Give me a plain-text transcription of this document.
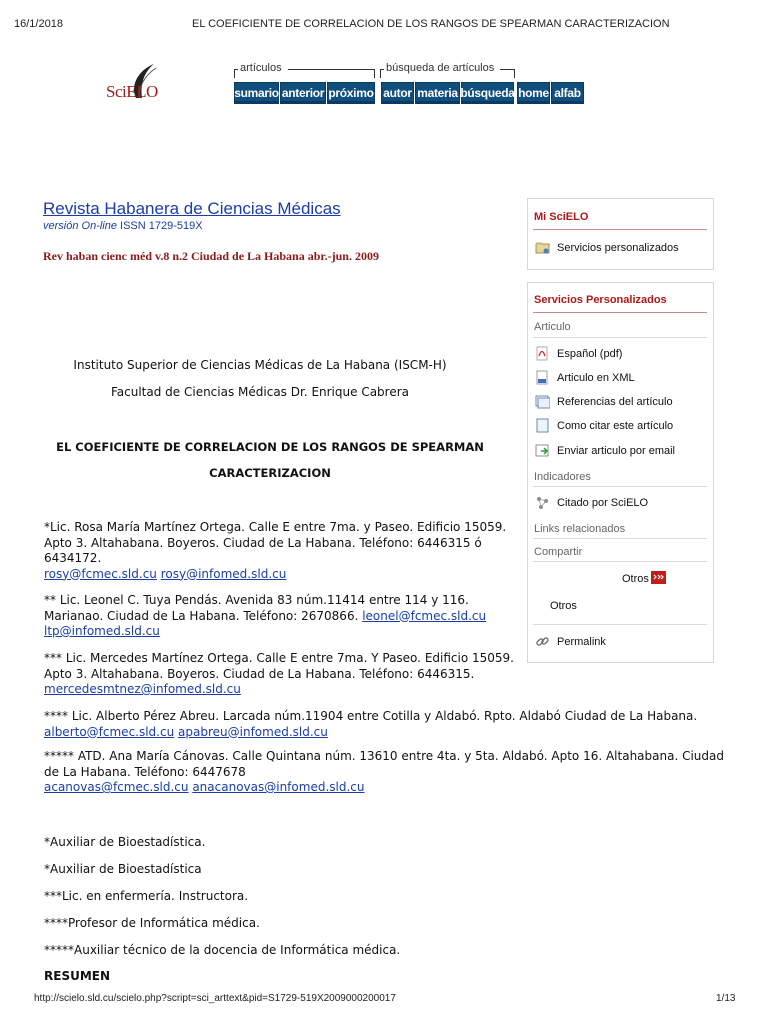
16/1/2018	EL COEFICIENTE DE CORRELACION DE LOS RANGOS DE SPEARMAN CARACTERIZACION
SciELO
artículos	búsqueda de artículos
sumario anterior próximo autor materia búsqueda home alfab
Revista Habanera de Ciencias Médicas
versión On-line ISSN 1729-519X
Rev haban cienc méd v.8 n.2 Ciudad de La Habana abr.-jun. 2009
Instituto Superior de Ciencias Médicas de La Habana (ISCM-H)
Facultad de Ciencias Médicas Dr. Enrique Cabrera
EL COEFICIENTE DE CORRELACION DE LOS RANGOS DE SPEARMAN
CARACTERIZACION
*Lic. Rosa María Martínez Ortega. Calle E entre 7ma. y Paseo. Edificio 15059. Apto 3. Altahabana. Boyeros. Ciudad de La Habana. Teléfono: 6446315 ó 6434172.
rosy@fcmec.sld.cu rosy@infomed.sld.cu
** Lic. Leonel C. Tuya Pendás. Avenida 83 núm.11414 entre 114 y 116. Marianao. Ciudad de La Habana. Teléfono: 2670866. leonel@fcmec.sld.cu
ltp@infomed.sld.cu
*** Lic. Mercedes Martínez Ortega. Calle E entre 7ma. Y Paseo. Edificio 15059. Apto 3. Altahabana. Boyeros. Ciudad de La Habana. Teléfono: 6446315. mercedesmtnez@infomed.sld.cu
**** Lic. Alberto Pérez Abreu. Larcada núm.11904 entre Cotilla y Aldabó. Rpto. Aldabó Ciudad de La Habana.
alberto@fcmec.sld.cu apabreu@infomed.sld.cu
***** ATD. Ana María Cánovas. Calle Quintana núm. 13610 entre 4ta. y 5ta. Aldabó. Apto 16. Altahabana. Ciudad de La Habana. Teléfono: 6447678
acanovas@fcmec.sld.cu anacanovas@infomed.sld.cu
*Auxiliar de Bioestadística.
*Auxiliar de Bioestadística
***Lic. en enfermería. Instructora.
****Profesor de Informática médica.
*****Auxiliar técnico de la docencia de Informática médica.
RESUMEN
Mi SciELO
Servicios personalizados
Servicios Personalizados
Articulo
Español (pdf)
Articulo en XML
Referencias del artículo
Como citar este artículo
Enviar articulo por email
Indicadores
Citado por SciELO
Links relacionados
Compartir
Otros
Otros
Permalink
http://scielo.sld.cu/scielo.php?script=sci_arttext&pid=S1729-519X2009000200017	1/13
